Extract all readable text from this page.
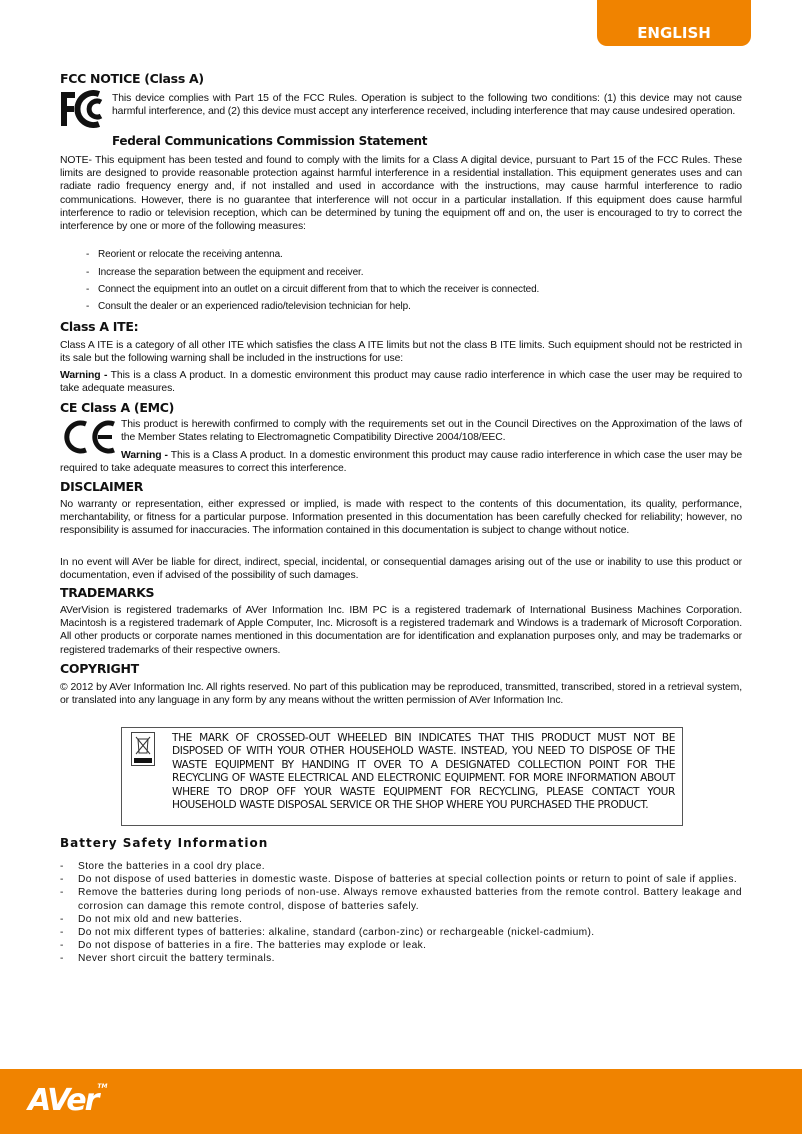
ENGLISH
FCC NOTICE (Class A)

This device complies with Part 15 of the FCC Rules. Operation is subject to the following two conditions: (1) this device may not cause harmful interference, and (2) this device must accept any interference received, including interference that may cause undesired operation.

Federal Communications Commission Statement

NOTE- This equipment has been tested and found to comply with the limits for a Class A digital device, pursuant to Part 15 of the FCC Rules. These limits are designed to provide reasonable protection against harmful interference in a residential installation. This equipment generates uses and can radiate radio frequency energy and, if not installed and used in accordance with the instructions, may cause harmful interference to radio communications. However, there is no guarantee that interference will not occur in a particular installation. If this equipment does cause harmful interference to radio or television reception, which can be determined by tuning the equipment off and on, the user is encouraged to try to correct the interference by one or more of the following measures:

- Reorient or relocate the receiving antenna.
- Increase the separation between the equipment and receiver.
- Connect the equipment into an outlet on a circuit different from that to which the receiver is connected.
- Consult the dealer or an experienced radio/television technician for help.
Class A ITE:

Class A ITE is a category of all other ITE which satisfies the class A ITE limits but not the class B ITE limits. Such equipment should not be restricted in its sale but the following warning shall be included in the instructions for use:

Warning - This is a class A product. In a domestic environment this product may cause radio interference in which case the user may be required to take adequate measures.

CE Class A (EMC)

This product is herewith confirmed to comply with the requirements set out in the Council Directives on the Approximation of the laws of the Member States relating to Electromagnetic Compatibility Directive 2004/108/EEC.

Warning - This is a Class A product. In a domestic environment this product may cause radio interference in which case the user may be required to take adequate measures to correct this interference.

DISCLAIMER

No warranty or representation, either expressed or implied, is made with respect to the contents of this documentation, its quality, performance, merchantability, or fitness for a particular purpose. Information presented in this documentation has been carefully checked for reliability; however, no responsibility is assumed for inaccuracies. The information contained in this documentation is subject to change without notice.

In no event will AVer be liable for direct, indirect, special, incidental, or consequential damages arising out of the use or inability to use this product or documentation, even if advised of the possibility of such damages.

TRADEMARKS

AVerVision is registered trademarks of AVer Information Inc. IBM PC is a registered trademark of International Business Machines Corporation. Macintosh is a registered trademark of Apple Computer, Inc. Microsoft is a registered trademark and Windows is a trademark of Microsoft Corporation. All other products or corporate names mentioned in this documentation are for identification and explanation purposes only, and may be trademarks or registered trademarks of their respective owners.

COPYRIGHT

© 2012 by AVer Information Inc. All rights reserved. No part of this publication may be reproduced, transmitted, transcribed, stored in a retrieval system, or translated into any language in any form by any means without the written permission of AVer Information Inc.

THE MARK OF CROSSED-OUT WHEELED BIN INDICATES THAT THIS PRODUCT MUST NOT BE DISPOSED OF WITH YOUR OTHER HOUSEHOLD WASTE. INSTEAD, YOU NEED TO DISPOSE OF THE WASTE EQUIPMENT BY HANDING IT OVER TO A DESIGNATED COLLECTION POINT FOR THE RECYCLING OF WASTE ELECTRICAL AND ELECTRONIC EQUIPMENT. FOR MORE INFORMATION ABOUT WHERE TO DROP OFF YOUR WASTE EQUIPMENT FOR RECYCLING, PLEASE CONTACT YOUR HOUSEHOLD WASTE DISPOSAL SERVICE OR THE SHOP WHERE YOU PURCHASED THE PRODUCT.

Battery Safety Information
- Store the batteries in a cool dry place.
- Do not dispose of used batteries in domestic waste. Dispose of batteries at special collection points or return to point of sale if applies.
- Remove the batteries during long periods of non-use. Always remove exhausted batteries from the remote control. Battery leakage and corrosion can damage this remote control, dispose of batteries safely.
- Do not mix old and new batteries.
- Do not mix different types of batteries: alkaline, standard (carbon-zinc) or rechargeable (nickel-cadmium).
- Do not dispose of batteries in a fire. The batteries may explode or leak.
- Never short circuit the battery terminals.
AVer™
